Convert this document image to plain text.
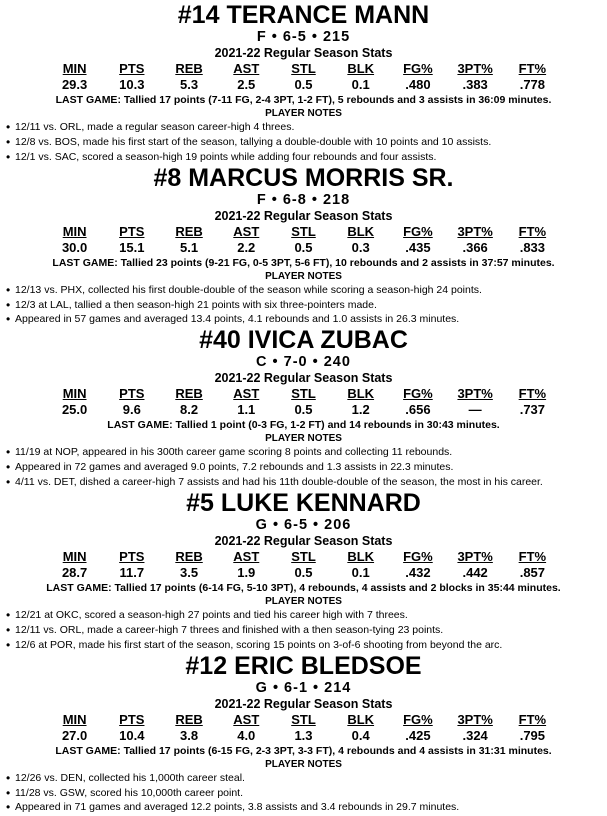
#14 TERANCE MANN
F • 6-5 • 215
2021-22 Regular Season Stats
	MIN	PTS	REB	AST	STL	BLK	FG%	3PT%	FT%	
	29.3	10.3	5.3	2.5	0.5	0.1	.480	.383	.778	
LAST GAME: Tallied 17 points (7-11 FG, 2-4 3PT, 1-2 FT), 5 rebounds and 3 assists in 36:09 minutes.
PLAYER NOTES
• 12/11 vs. ORL, made a regular season career-high 4 threes.
• 12/8 vs. BOS, made his first start of the season, tallying a double-double with 10 points and 10 assists.
• 12/1 vs. SAC, scored a season-high 19 points while adding four rebounds and four assists.
#8 MARCUS MORRIS SR.
F • 6-8 • 218
2021-22 Regular Season Stats
	MIN	PTS	REB	AST	STL	BLK	FG%	3PT%	FT%	
	30.0	15.1	5.1	2.2	0.5	0.3	.435	.366	.833	
LAST GAME: Tallied 23 points (9-21 FG, 0-5 3PT, 5-6 FT), 10 rebounds and 2 assists in 37:57 minutes.
PLAYER NOTES
• 12/13 vs. PHX, collected his first double-double of the season while scoring a season-high 24 points.
• 12/3 at LAL, tallied a then season-high 21 points with six three-pointers made.
• Appeared in 57 games and averaged 13.4 points, 4.1 rebounds and 1.0 assists in 26.3 minutes.
#40 IVICA ZUBAC
C • 7-0 • 240
2021-22 Regular Season Stats
	MIN	PTS	REB	AST	STL	BLK	FG%	3PT%	FT%	
	25.0	9.6	8.2	1.1	0.5	1.2	.656	—	.737	
LAST GAME: Tallied 1 point (0-3 FG, 1-2 FT) and 14 rebounds in 30:43 minutes.
PLAYER NOTES
• 11/19 at NOP, appeared in his 300th career game scoring 8 points and collecting 11 rebounds.
• Appeared in 72 games and averaged 9.0 points, 7.2 rebounds and 1.3 assists in 22.3 minutes.
• 4/11 vs. DET, dished a career-high 7 assists and had his 11th double-double of the season, the most in his career.
#5 LUKE KENNARD
G • 6-5 • 206
2021-22 Regular Season Stats
	MIN	PTS	REB	AST	STL	BLK	FG%	3PT%	FT%	
	28.7	11.7	3.5	1.9	0.5	0.1	.432	.442	.857	
LAST GAME: Tallied 17 points (6-14 FG, 5-10 3PT), 4 rebounds, 4 assists and 2 blocks in 35:44 minutes.
PLAYER NOTES
• 12/21 at OKC, scored a season-high 27 points and tied his career high with 7 threes.
• 12/11 vs. ORL, made a career-high 7 threes and finished with a then season-tying 23 points.
• 12/6 at POR, made his first start of the season, scoring 15 points on 3-of-6 shooting from beyond the arc.
#12 ERIC BLEDSOE
G • 6-1 • 214
2021-22 Regular Season Stats
	MIN	PTS	REB	AST	STL	BLK	FG%	3PT%	FT%	
	27.0	10.4	3.8	4.0	1.3	0.4	.425	.324	.795	
LAST GAME: Tallied 17 points (6-15 FG, 2-3 3PT, 3-3 FT), 4 rebounds and 4 assists in 31:31 minutes.
PLAYER NOTES
• 12/26 vs. DEN, collected his 1,000th career steal.
• 11/28 vs. GSW, scored his 10,000th career point.
• Appeared in 71 games and averaged 12.2 points, 3.8 assists and 3.4 rebounds in 29.7 minutes.
